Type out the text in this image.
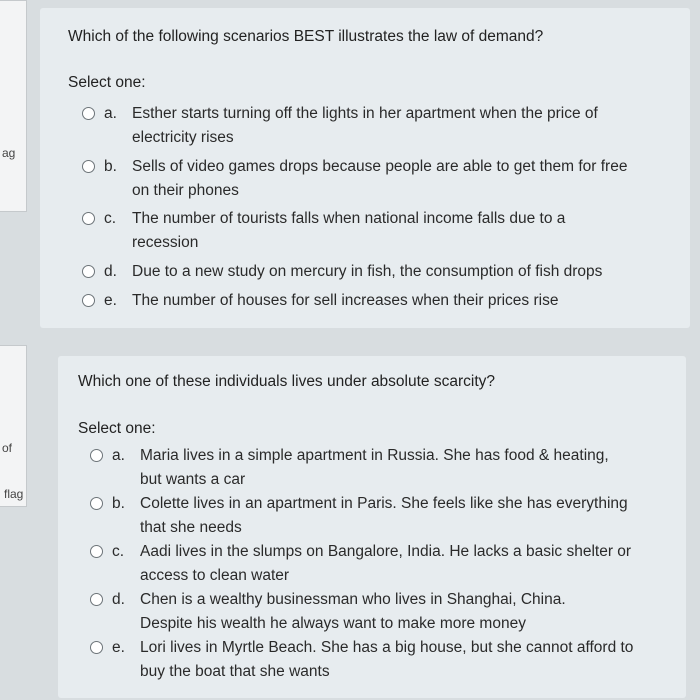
ag
of
flag
Which of the following scenarios BEST illustrates the law of demand?
Select one:
a. Esther starts turning off the lights in her apartment when the price of electricity rises
b. Sells of video games drops because people are able to get them for free on their phones
c.	The number of tourists falls when national income falls due to a recession
d. Due to a new study on mercury in fish, the consumption of fish drops
e. The number of houses for sell increases when their prices rise
Which one of these individuals lives under absolute scarcity?
Select one:
a. Maria lives in a simple apartment in Russia. She has food & heating, but wants a car
b. Colette lives in an apartment in Paris. She feels like she has everything that she needs
c.	Aadi lives in the slumps on Bangalore, India. He lacks a basic shelter or access to clean water
d. Chen is a wealthy businessman who lives in Shanghai, China. Despite his wealth he always want to make more money
e. Lori lives in Myrtle Beach. She has a big house, but she cannot afford to buy the boat that she wants
